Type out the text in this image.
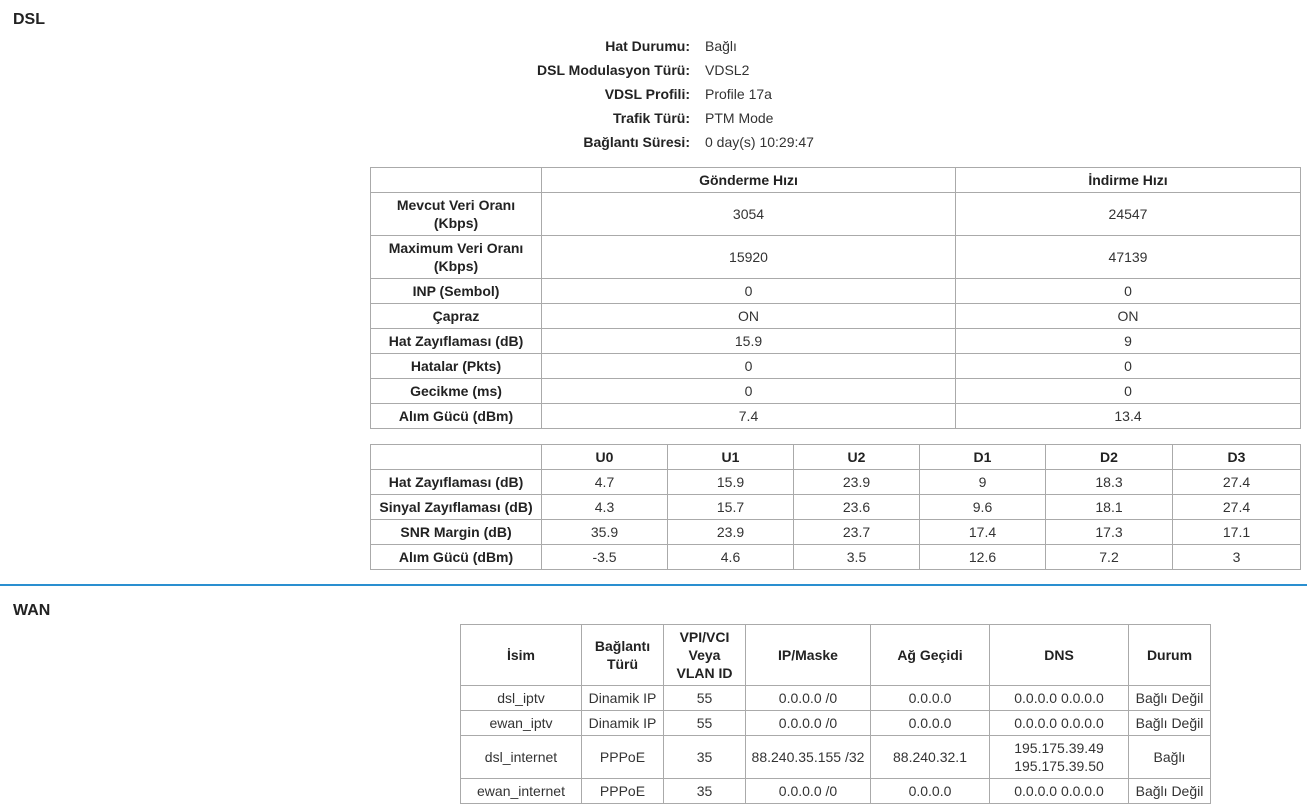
DSL
Hat Durumu:	Bağlı
DSL Modulasyon Türü:	VDSL2
VDSL Profili:	Profile 17a
Trafik Türü:	PTM Mode
Bağlantı Süresi:	0 day(s) 10:29:47
	Gönderme Hızı	İndirme Hızı
Mevcut Veri Oranı (Kbps)	3054	24547
Maximum Veri Oranı (Kbps)	15920	47139
INP (Sembol)	0	0
Çapraz	ON	ON
Hat Zayıflaması (dB)	15.9	9
Hatalar (Pkts)	0	0
Gecikme (ms)	0	0
Alım Gücü (dBm)	7.4	13.4
	U0	U1	U2	D1	D2	D3
Hat Zayıflaması (dB)	4.7	15.9	23.9	9	18.3	27.4
Sinyal Zayıflaması (dB)	4.3	15.7	23.6	9.6	18.1	27.4
SNR Margin (dB)	35.9	23.9	23.7	17.4	17.3	17.1
Alım Gücü (dBm)	-3.5	4.6	3.5	12.6	7.2	3
WAN
İsim	Bağlantı Türü	VPI/VCI Veya VLAN ID	IP/Maske	Ağ Geçidi	DNS	Durum
dsl_iptv	Dinamik IP	55	0.0.0.0 /0	0.0.0.0	0.0.0.0 0.0.0.0	Bağlı Değil
ewan_iptv	Dinamik IP	55	0.0.0.0 /0	0.0.0.0	0.0.0.0 0.0.0.0	Bağlı Değil
dsl_internet	PPPoE	35	88.240.35.155 /32	88.240.32.1	195.175.39.49 195.175.39.50	Bağlı
ewan_internet	PPPoE	35	0.0.0.0 /0	0.0.0.0	0.0.0.0 0.0.0.0	Bağlı Değil
